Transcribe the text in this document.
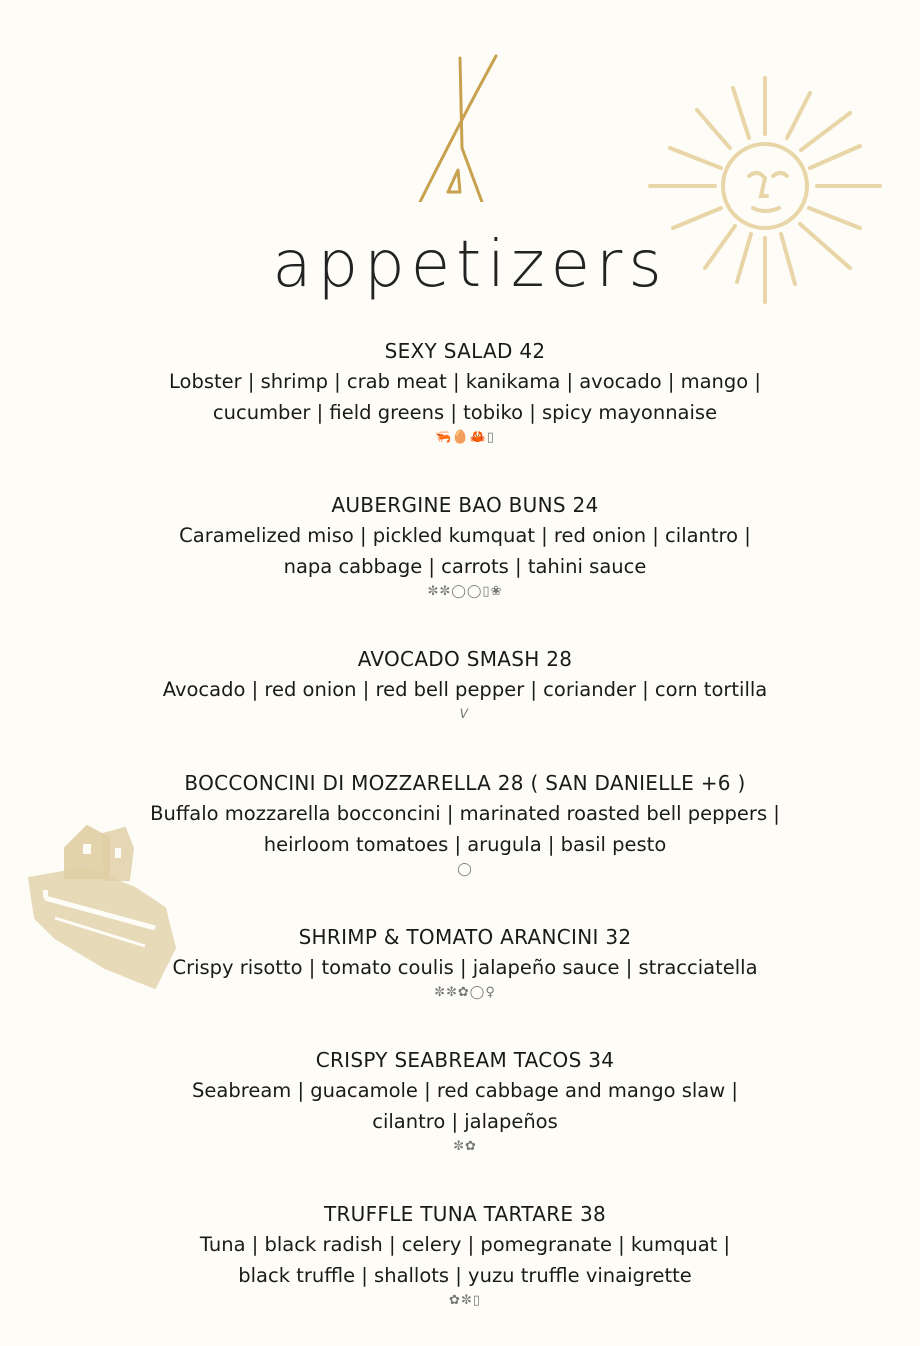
appetizers
SEXY SALAD 42
Lobster | shrimp | crab meat | kanikama | avocado | mango |
cucumber | field greens | tobiko | spicy mayonnaise
🦐🥚🦀▯
AUBERGINE BAO BUNS 24
Caramelized miso | pickled kumquat | red onion | cilantro |
napa cabbage | carrots | tahini sauce
✼✼◯◯▯❀
AVOCADO SMASH 28
Avocado | red onion | red bell pepper | coriander | corn tortilla
𝑉
BOCCONCINI DI MOZZARELLA 28 ( SAN DANIELLE +6 )
Buffalo mozzarella bocconcini | marinated roasted bell peppers |
heirloom tomatoes | arugula | basil pesto
◯
SHRIMP & TOMATO ARANCINI 32
Crispy risotto | tomato coulis | jalapeño sauce | stracciatella
✼✼✿◯♀
CRISPY SEABREAM TACOS 34
Seabream | guacamole | red cabbage and mango slaw |
cilantro | jalapeños
✼✿
TRUFFLE TUNA TARTARE 38
Tuna | black radish | celery | pomegranate | kumquat |
black truffle | shallots | yuzu truffle vinaigrette
✿✼▯
